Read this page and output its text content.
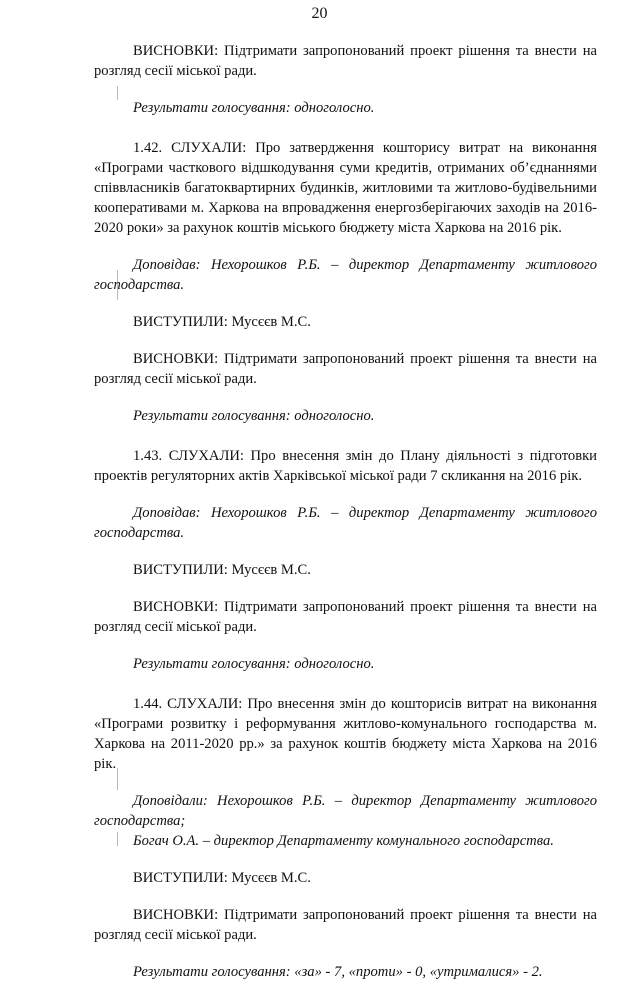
20

ВИСНОВКИ: Підтримати запропонований проект рішення та внести на розгляд сесії міської ради.

Результати голосування: одноголосно.

1.42. СЛУХАЛИ: Про затвердження кошторису витрат на виконання «Програми часткового відшкодування суми кредитів, отриманих об’єднаннями співвласників багатоквартирних будинків, житловими та житлово-будівельними кооперативами м. Харкова на впровадження енергозберігаючих заходів на 2016-2020 роки» за рахунок коштів міського бюджету міста Харкова на 2016 рік.

Доповідав: Нехорошков Р.Б. – директор Департаменту житлового господарства.

ВИСТУПИЛИ: Мусєєв М.С.

ВИСНОВКИ: Підтримати запропонований проект рішення та внести на розгляд сесії міської ради.

Результати голосування: одноголосно.

1.43. СЛУХАЛИ: Про внесення змін до Плану діяльності з підготовки проектів регуляторних актів Харківської міської ради 7 скликання на 2016 рік.

Доповідав: Нехорошков Р.Б. – директор Департаменту житлового господарства.

ВИСТУПИЛИ: Мусєєв М.С.

ВИСНОВКИ: Підтримати запропонований проект рішення та внести на розгляд сесії міської ради.

Результати голосування: одноголосно.

1.44. СЛУХАЛИ: Про внесення змін до кошторисів витрат на виконання «Програми розвитку і реформування житлово-комунального господарства м. Харкова на 2011-2020 рр.» за рахунок коштів бюджету міста Харкова на 2016 рік.

Доповідали: Нехорошков Р.Б. – директор Департаменту житлового господарства;

Богач О.А. – директор Департаменту комунального господарства.

ВИСТУПИЛИ: Мусєєв М.С.

ВИСНОВКИ: Підтримати запропонований проект рішення та внести на розгляд сесії міської ради.

Результати голосування: «за» - 7, «проти» - 0, «утрималися» - 2.
